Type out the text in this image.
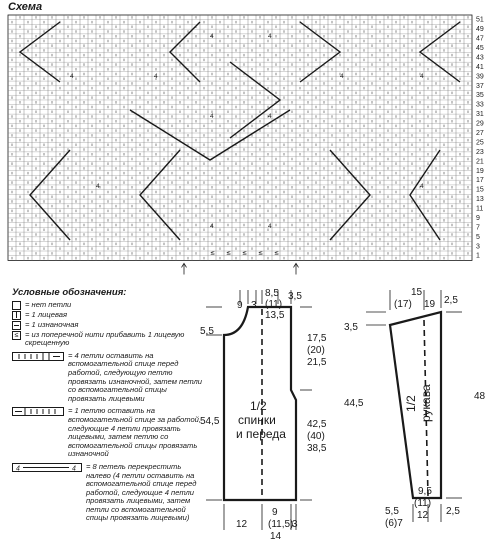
Схема
4	4
4	4	4	4
4	4
4	4
4	4
≤ ≤ ≤ ≤ ≤
51
49
47
45
43
41
39
37
35
33
31
29
27
25
23
21
19
17
15
13
11
9
7
5
3
1
Условные обозначения:
= нет петли
= 1 лицевая
= 1 изнаночная
≤ = из поперечной нити прибавить 1 лицевую скрещенную
= 4 петли оставить на вспомогательной спице перед работой, следующую петлю провязать изнаночной, затем петли со вспомогательной спицы провязать лицевыми
= 1 петлю оставить на вспомогательной спице за работой, следующие 4 петли провязать лицевыми, затем петлю со вспомогательной спицы провязать изнаночной
4	4 = 8 петель перекрестить налево (4 петли оставить на вспомогательной спице перед работой, следующие 4 петли провязать лицевыми, затем петли со вспомогательной спицы провязать лицевыми)
9 3
8,5
(11)
13,5
3,5
17,5
(20)
21,5
42,5
(40)
38,5
5,5
54,5
12
9
(11,5)
14
3
1/2
спинки
и переда
15
(17) 19 2,5
3,5
44,5
48
9,5
(11)
12 2,5
5,5
(6)7
1/2 рукава
